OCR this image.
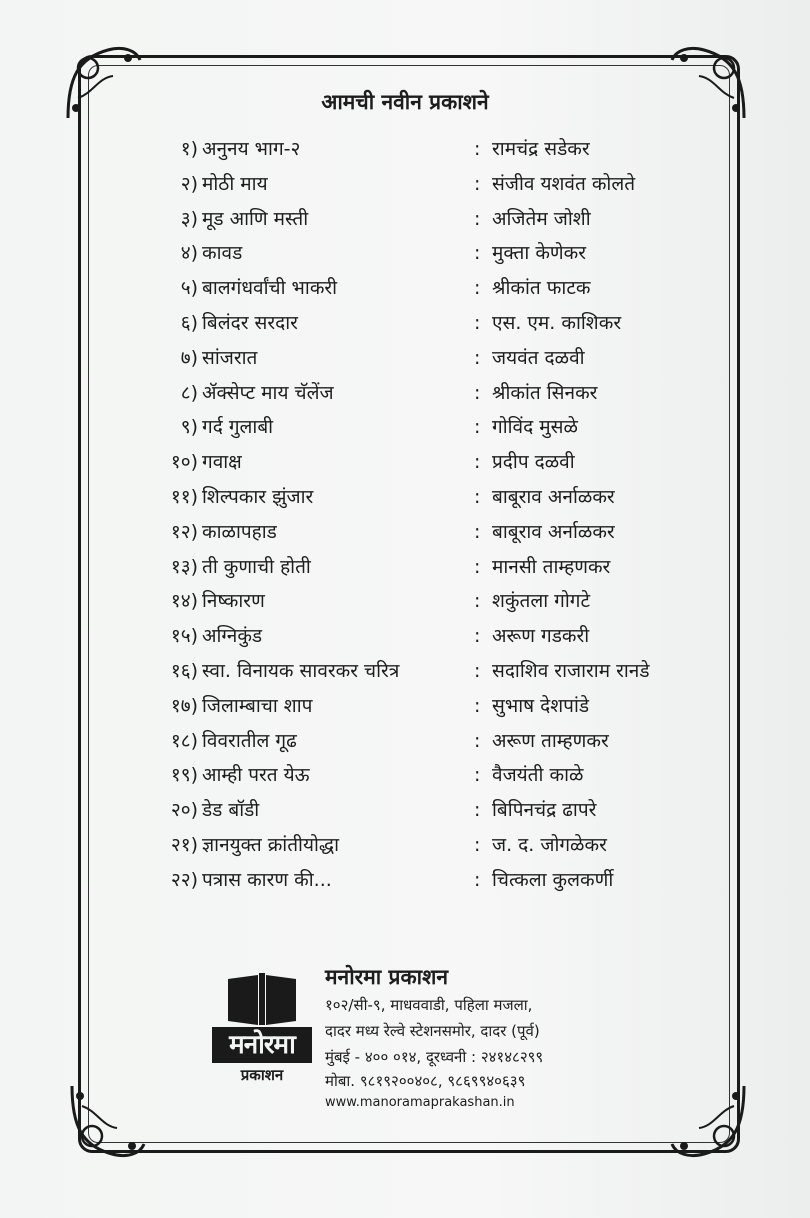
आमची नवीन प्रकाशने
१) अनुनय भाग-२	: रामचंद्र सडेकर
२) मोठी माय	: संजीव यशवंत कोलते
३) मूड आणि मस्ती	: अजितेम जोशी
४) कावड	: मुक्ता केणेकर
५) बालगंधर्वांची भाकरी	: श्रीकांत फाटक
६) बिलंदर सरदार	: एस. एम. काशिकर
७) सांजरात	: जयवंत दळवी
८) ॲक्सेप्ट माय चॅलेंज	: श्रीकांत सिनकर
९) गर्द गुलाबी	: गोविंद मुसळे
१०) गवाक्ष	: प्रदीप दळवी
११) शिल्पकार झुंजार	: बाबूराव अर्नाळकर
१२) काळापहाड	: बाबूराव अर्नाळकर
१३) ती कुणाची होती	: मानसी ताम्हणकर
१४) निष्कारण	: शकुंतला गोगटे
१५) अग्निकुंड	: अरूण गडकरी
१६) स्वा. विनायक सावरकर चरित्र	: सदाशिव राजाराम रानडे
१७) जिलाम्बाचा शाप	: सुभाष देशपांडे
१८) विवरातील गूढ	: अरूण ताम्हणकर
१९) आम्ही परत येऊ	: वैजयंती काळे
२०) डेड बॉडी	: बिपिनचंद्र ढापरे
२१) ज्ञानयुक्त क्रांतीयोद्धा	: ज. द. जोगळेकर
२२) पत्रास कारण की...	: चित्कला कुलकर्णी
मनोरमा
प्रकाशन
मनोरमा प्रकाशन
१०२/सी-९, माधववाडी, पहिला मजला,
दादर मध्य रेल्वे स्टेशनसमोर, दादर (पूर्व)
मुंबई - ४०० ०१४, दूरध्वनी : २४१४८२९९
मोबा. ९८१९२००४०८, ९८६९९४०६३९
www.manoramaprakashan.in
